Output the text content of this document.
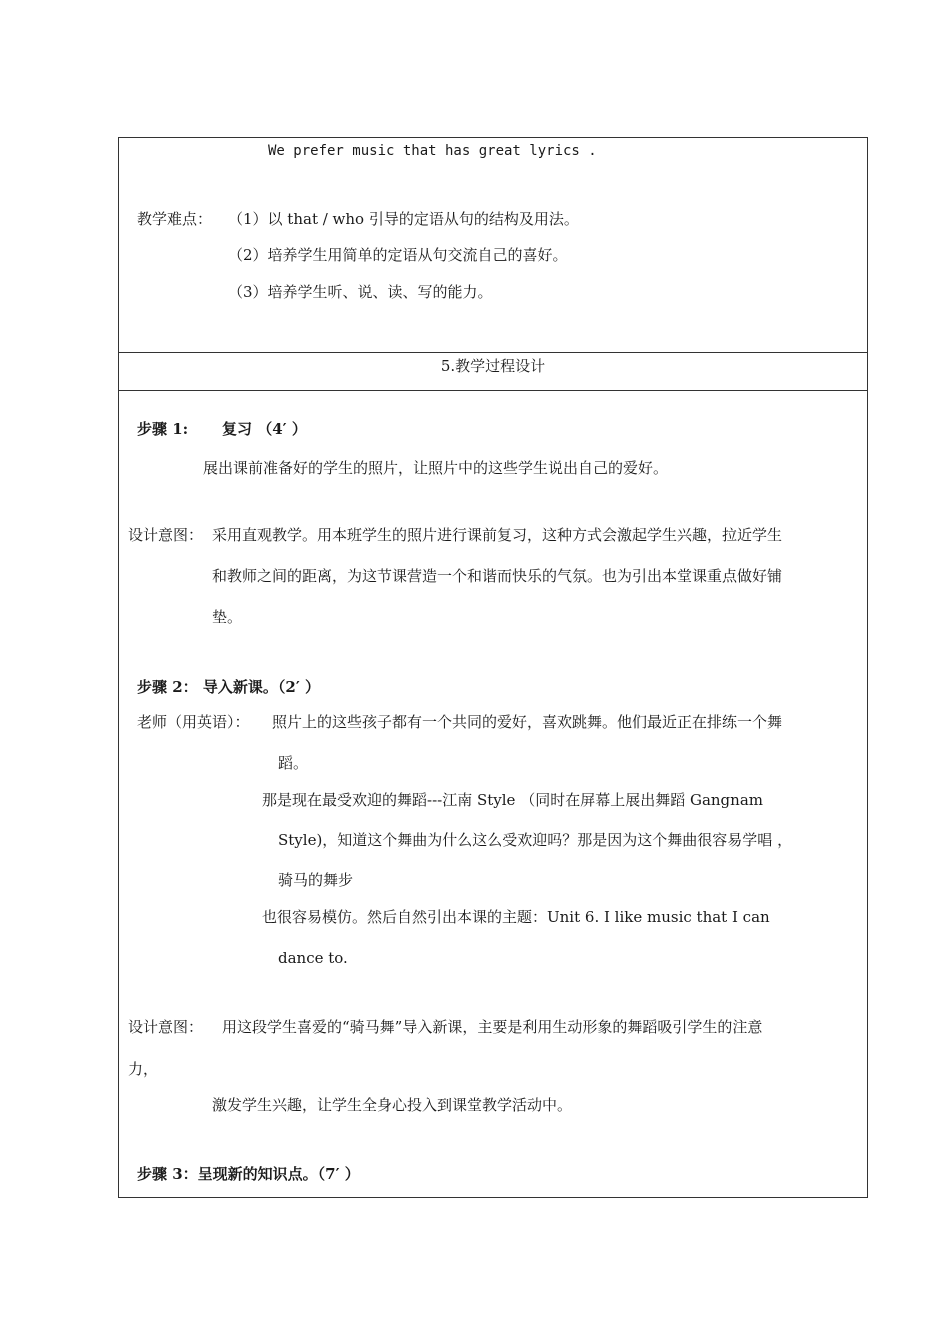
We prefer music that has great lyrics .
教学难点： （1）以 that / who 引导的定语从句的结构及用法。
（2）培养学生用简单的定语从句交流自己的喜好。
（3）培养学生听、说、读、写的能力。
5.教学过程设计
步骤 1: 复习 （4′ ）
展出课前准备好的学生的照片，让照片中的这些学生说出自己的爱好。
设计意图： 采用直观教学。用本班学生的照片进行课前复习，这种方式会激起学生兴趣，拉近学生
和教师之间的距离，为这节课营造一个和谐而快乐的气氛。也为引出本堂课重点做好铺
垫。
步骤 2： 导入新课。（2′ ）
老师（用英语）： 照片上的这些孩子都有一个共同的爱好，喜欢跳舞。他们最近正在排练一个舞
蹈。
那是现在最受欢迎的舞蹈---江南 Style （同时在屏幕上展出舞蹈 Gangnam
Style)，知道这个舞曲为什么这么受欢迎吗？那是因为这个舞曲很容易学唱 ，
骑马的舞步
也很容易模仿。然后自然引出本课的主题：Unit 6. I like music that I can
dance to.
设计意图： 用这段学生喜爱的“骑马舞”导入新课，主要是利用生动形象的舞蹈吸引学生的注意
力，
激发学生兴趣，让学生全身心投入到课堂教学活动中。
步骤 3：呈现新的知识点。（7′ ）
